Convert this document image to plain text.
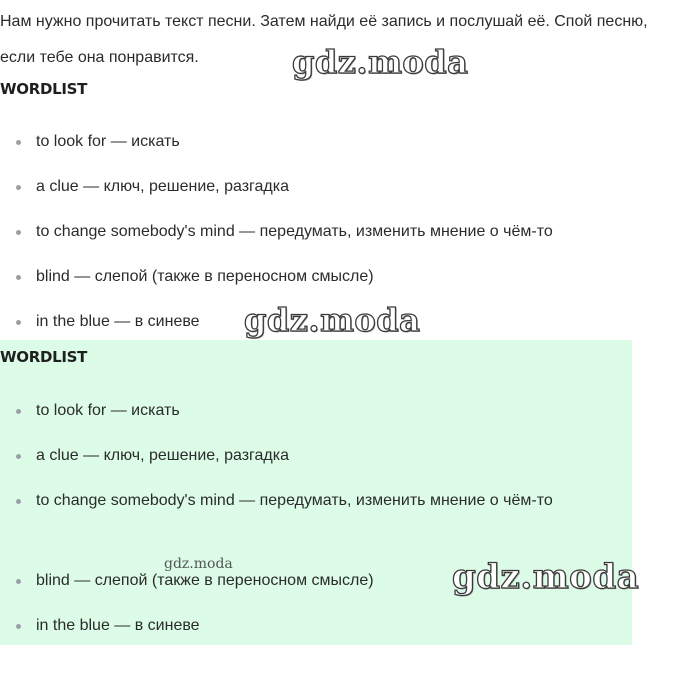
Нам нужно прочитать текст песни. Затем найди её запись и послушай её. Спой песню, если тебе она понравится.	gdz.moda
WORDLIST
to look for — искать
a clue — ключ, решение, разгадка
to change somebody's mind — передумать, изменить мнение о чём-то
blind — слепой (также в переносном смысле)
in the blue — в синеве	gdz.moda
WORDLIST
to look for — искать
a clue — ключ, решение, разгадка
to change somebody's mind — передумать, изменить мнение о чём-то
blind — слепой (также в переносном смысле)
in the blue — в синеве
gdz.moda	gdz.moda
